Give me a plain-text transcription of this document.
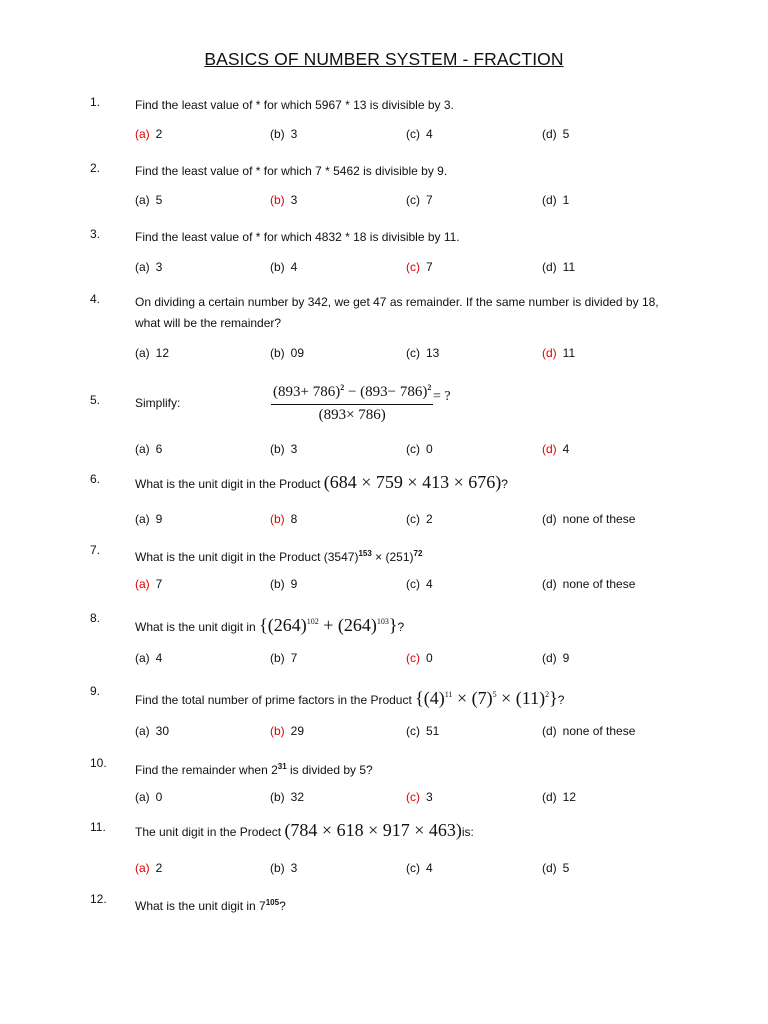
BASICS OF NUMBER SYSTEM - FRACTION
1.	Find the least value of * for which 5967 * 13 is divisible by 3.
(a) 2	(b) 3	(c) 4	(d) 5
2.	Find the least value of * for which 7 * 5462 is divisible by 9.
(a) 5	(b) 3	(c) 7	(d) 1
3.	Find the least value of * for which 4832 * 18 is divisible by 11.
(a) 3	(b) 4	(c) 7	(d) 11
4.	On dividing a certain number by 342, we get 47 as remainder. If the same number is divided by 18, what will be the remainder?
(a) 12	(b) 09	(c) 13	(d) 11
5.	Simplify:	$\frac{(893+ 786)^2 - (893- 786)^2}{(893\times 786)}$ = ?
(a) 6	(b) 3	(c) 0	(d) 4
6.	What is the unit digit in the Product (684 × 759 × 413 × 676)?
(a) 9	(b) 8	(c) 2	(d) none of these
7.	What is the unit digit in the Product $(3547)^{153} \times (251)^{72}$
(a) 7	(b) 9	(c) 4	(d) none of these
8.
What is the unit digit in $\{(264)^{102} + (264)^{103}\}$?
(a) 4	(b) 7	(c) 0	(d) 9
9.
Find the total number of prime factors in the Product $\{(4)^{11} \times (7)^5 \times (11)^2\}$?
(a) 30	(b) 29	(c) 51	(d) none of these
10.	Find the remainder when $2^{31}$ is divided by 5?
(a) 0	(b) 32	(c) 3	(d) 12
11.	The unit digit in the Prodect (784 × 618 × 917 × 463)is:
(a) 2	(b) 3	(c) 4	(d) 5
12.	What is the unit digit in $7^{105}$?
